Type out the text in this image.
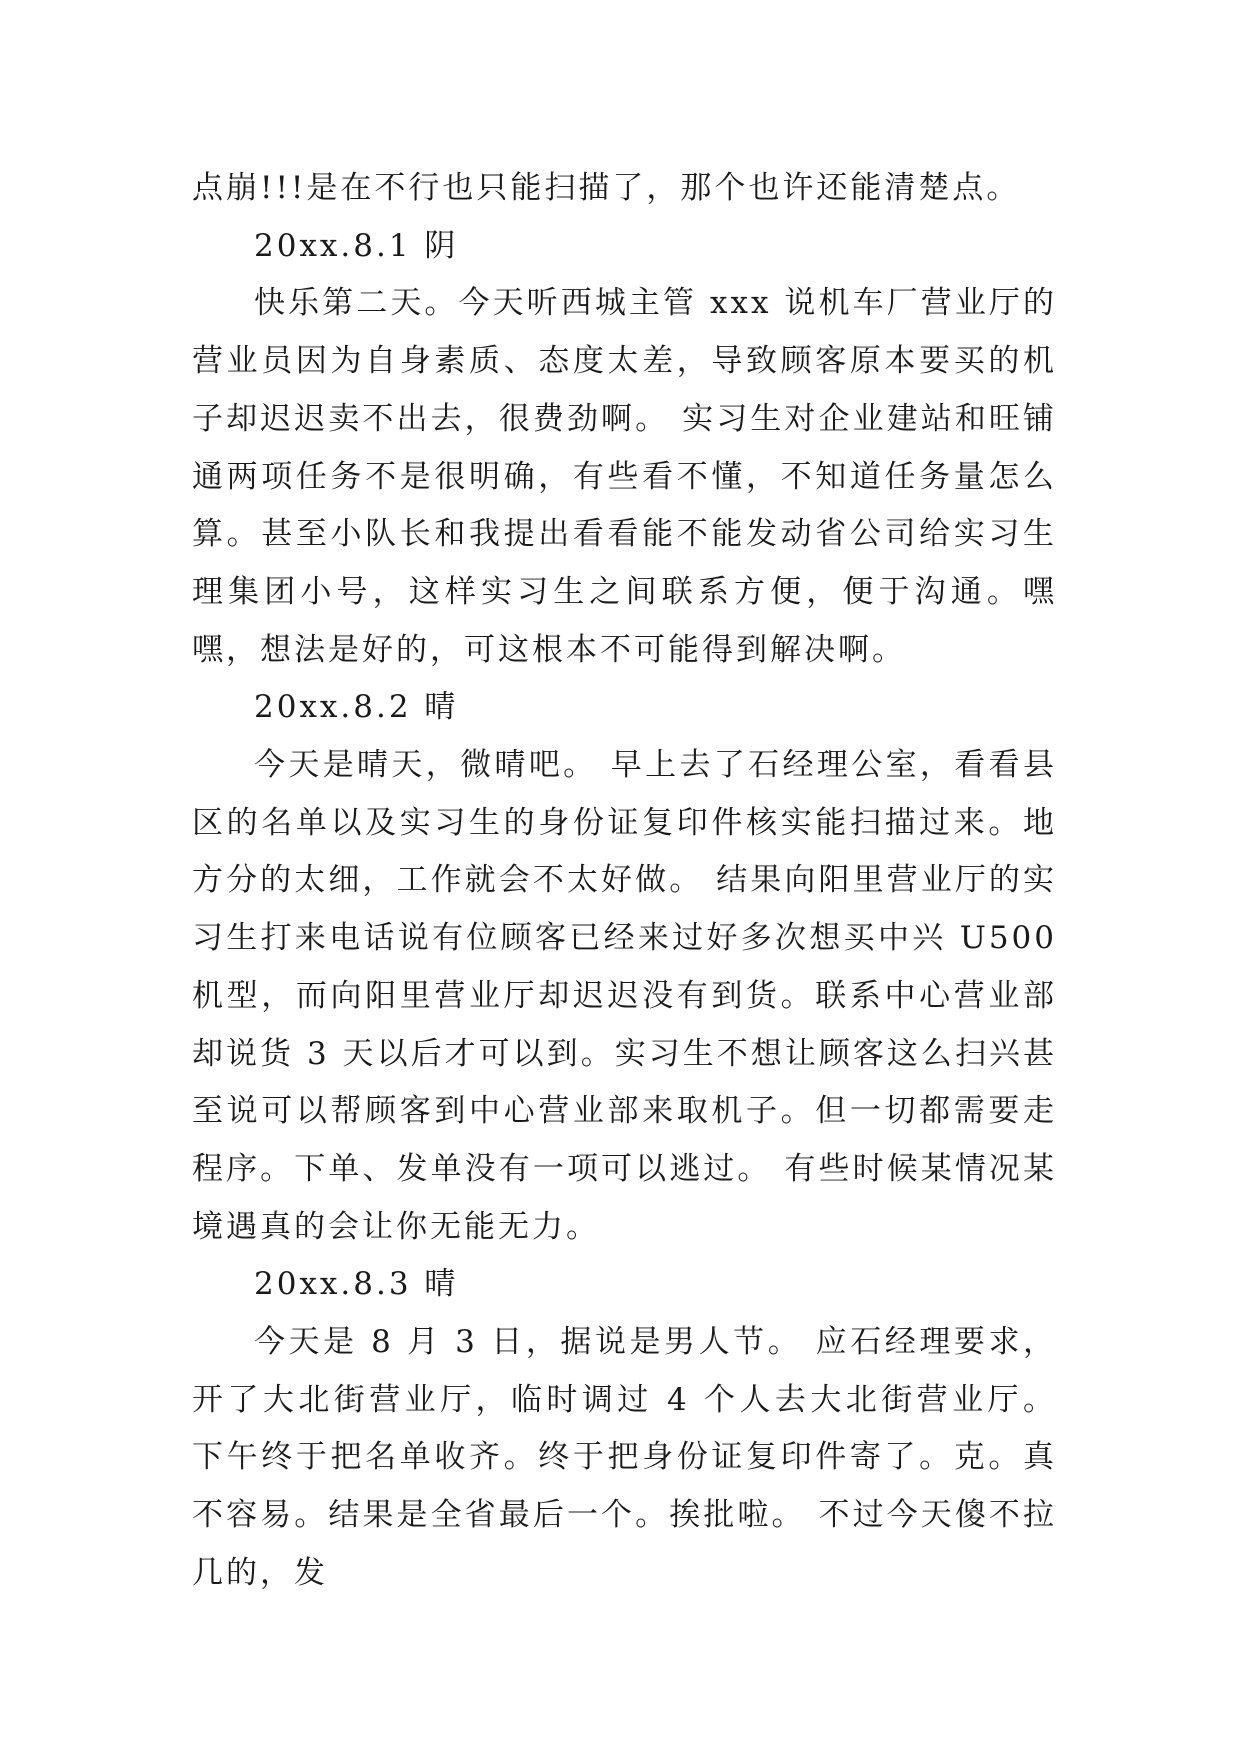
点崩!!!是在不行也只能扫描了，那个也许还能清楚点。

20xx.8.1 阴

快乐第二天。今天听西城主管 xxx 说机车厂营业厅的营业员因为自身素质、态度太差，导致顾客原本要买的机子却迟迟卖不出去，很费劲啊。 实习生对企业建站和旺铺通两项任务不是很明确，有些看不懂，不知道任务量怎么算。甚至小队长和我提出看看能不能发动省公司给实习生理集团小号，这样实习生之间联系方便，便于沟通。嘿嘿，想法是好的，可这根本不可能得到解决啊。

20xx.8.2 晴

今天是晴天，微晴吧。 早上去了石经理公室，看看县区的名单以及实习生的身份证复印件核实能扫描过来。地方分的太细，工作就会不太好做。 结果向阳里营业厅的实习生打来电话说有位顾客已经来过好多次想买中兴 U500 机型，而向阳里营业厅却迟迟没有到货。联系中心营业部却说货 3 天以后才可以到。实习生不想让顾客这么扫兴甚至说可以帮顾客到中心营业部来取机子。但一切都需要走程序。下单、发单没有一项可以逃过。 有些时候某情况某境遇真的会让你无能无力。

20xx.8.3 晴

今天是 8 月 3 日，据说是男人节。 应石经理要求，开了大北街营业厅，临时调过 4 个人去大北街营业厅。 下午终于把名单收齐。终于把身份证复印件寄了。克。真不容易。结果是全省最后一个。挨批啦。 不过今天傻不拉几的，发
